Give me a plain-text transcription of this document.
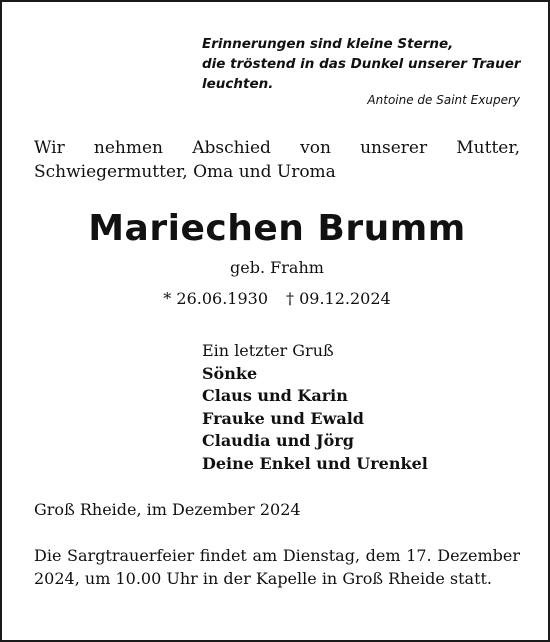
Erinnerungen sind kleine Sterne,
die tröstend in das Dunkel unserer Trauer
leuchten.
Antoine de Saint Exupery
Wir nehmen Abschied von unserer Mutter, Schwiegermutter, Oma und Uroma
Mariechen Brumm
geb. Frahm
* 26.06.1930 † 09.12.2024
Ein letzter Gruß
Sönke
Claus und Karin
Frauke und Ewald
Claudia und Jörg
Deine Enkel und Urenkel
Groß Rheide, im Dezember 2024
Die Sargtrauerfeier findet am Dienstag, dem 17. Dezember 2024, um 10.00 Uhr in der Kapelle in Groß Rheide statt.
